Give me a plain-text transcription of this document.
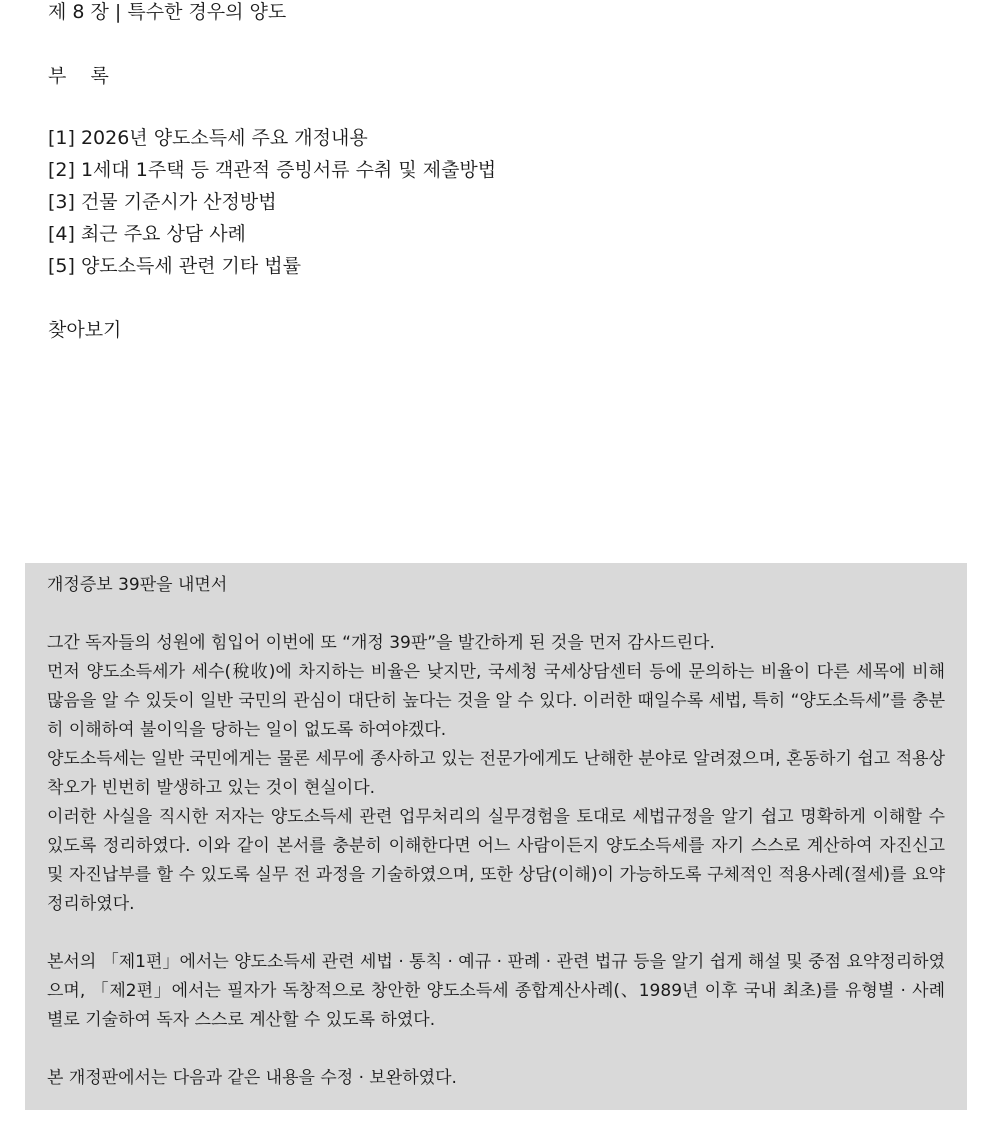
제 8 장 | 특수한 경우의 양도
부    록
[1] 2026년 양도소득세 주요 개정내용
[2] 1세대 1주택 등 객관적 증빙서류 수취 및 제출방법
[3] 건물 기준시가 산정방법
[4] 최근 주요 상담 사례
[5] 양도소득세 관련 기타 법률
찾아보기

개정증보 39판을 내면서

그간 독자들의 성원에 힘입어 이번에 또 “개정 39판”을 발간하게 된 것을 먼저 감사드린다.

먼저 양도소득세가 세수(稅收)에 차지하는 비율은 낮지만, 국세청 국세상담센터 등에 문의하는 비율이 다른 세목에 비해 많음을 알 수 있듯이 일반 국민의 관심이 대단히 높다는 것을 알 수 있다. 이러한 때일수록 세법, 특히 “양도소득세”를 충분히 이해하여 불이익을 당하는 일이 없도록 하여야겠다.

양도소득세는 일반 국민에게는 물론 세무에 종사하고 있는 전문가에게도 난해한 분야로 알려졌으며, 혼동하기 쉽고 적용상 착오가 빈번히 발생하고 있는 것이 현실이다.

이러한 사실을 직시한 저자는 양도소득세 관련 업무처리의 실무경험을 토대로 세법규정을 알기 쉽고 명확하게 이해할 수 있도록 정리하였다. 이와 같이 본서를 충분히 이해한다면 어느 사람이든지 양도소득세를 자기 스스로 계산하여 자진신고 및 자진납부를 할 수 있도록 실무 전 과정을 기술하였으며, 또한 상담(이해)이 가능하도록 구체적인 적용사례(절세)를 요약정리하였다.

본서의 「제1편」에서는 양도소득세 관련 세법 · 통칙 · 예규 · 판례 · 관련 법규 등을 알기 쉽게 해설 및 중점 요약정리하였으며, 「제2편」에서는 필자가 독창적으로 창안한 양도소득세 종합계산사례(、1989년 이후 국내 최초)를 유형별 · 사례별로 기술하여 독자 스스로 계산할 수 있도록 하였다.

본 개정판에서는 다음과 같은 내용을 수정 · 보완하였다.
